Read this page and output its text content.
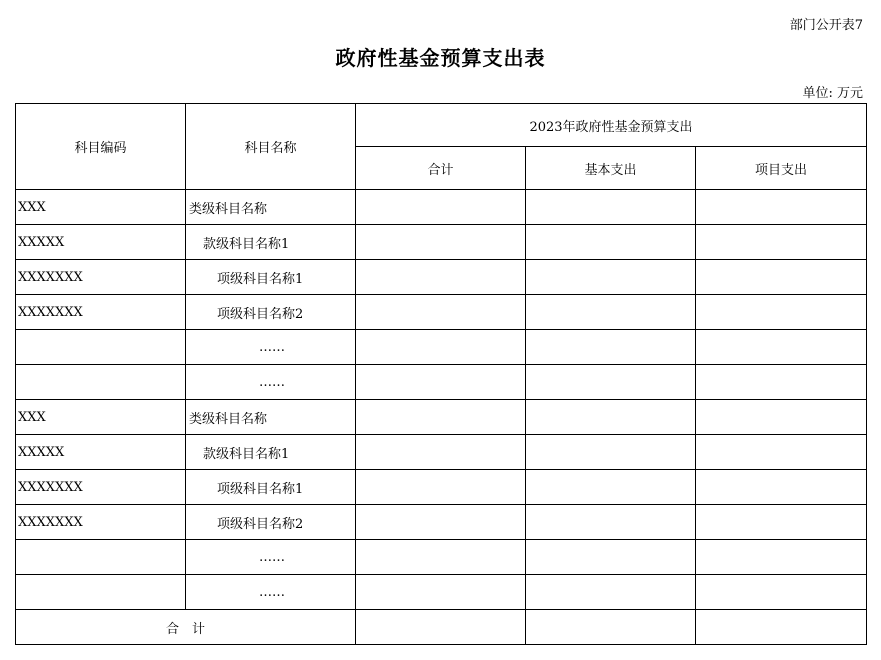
部门公开表7
政府性基金预算支出表
单位: 万元
科目编码	科目名称	2023年政府性基金预算支出		
		合计	基本支出	项目支出
XXX	类级科目名称			
XXXXX	款级科目名称1			
XXXXXXX	项级科目名称1			
XXXXXXX	项级科目名称2			
	……			
	……			
XXX	类级科目名称			
XXXXX	款级科目名称1			
XXXXXXX	项级科目名称1			
XXXXXXX	项级科目名称2			
	……			
	……			
合　计				
